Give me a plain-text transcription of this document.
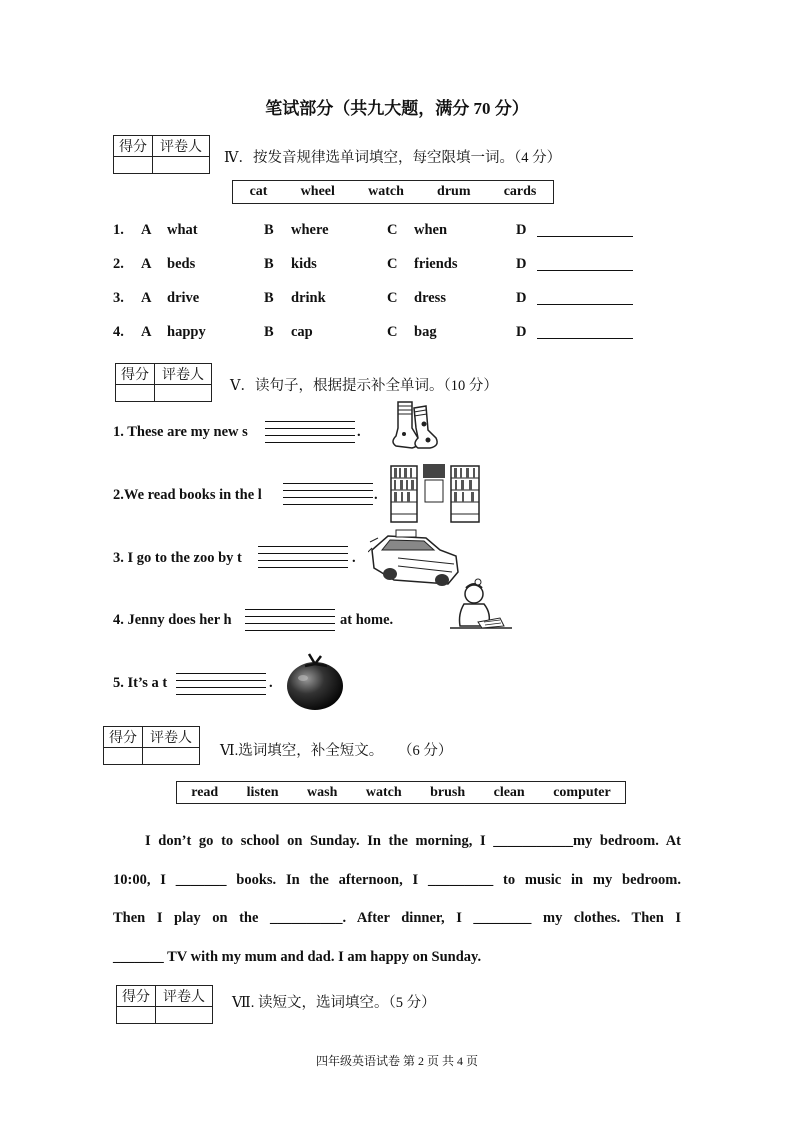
笔试部分（共九大题，满分 70 分）
得分	评卷人

Ⅳ．按发音规律选单词填空，每空限填一词。（4 分）
cat wheel watch drum cards
1. A what	B where	C when	D
2. A beds	B kids	C friends	D
3. A drive	B drink	C dress	D
4. A happy	B cap	C bag	D
得分	评卷人

Ⅴ．读句子，根据提示补全单词。（10 分）
1. These are my new s	.
2.We read books in the l	.
3. I go to the zoo by t	.
4. Jenny does her h	at home.
5. It’s a t	.
得分	评卷人

Ⅵ.选词填空，补全短文。 （6 分）
read listen wash watch brush clean computer
I don’t go to school on Sunday. In the morning, I ___________my bedroom. At
10:00, I _______ books. In the afternoon, I _________ to music in my bedroom.
Then I play on the __________. After dinner, I ________ my clothes. Then I
_______ TV with my mum and dad. I am happy on Sunday.
得分	评卷人
	Ⅶ. 读短文，选词填空。（5 分）
四年级英语试卷 第 2 页 共 4 页
